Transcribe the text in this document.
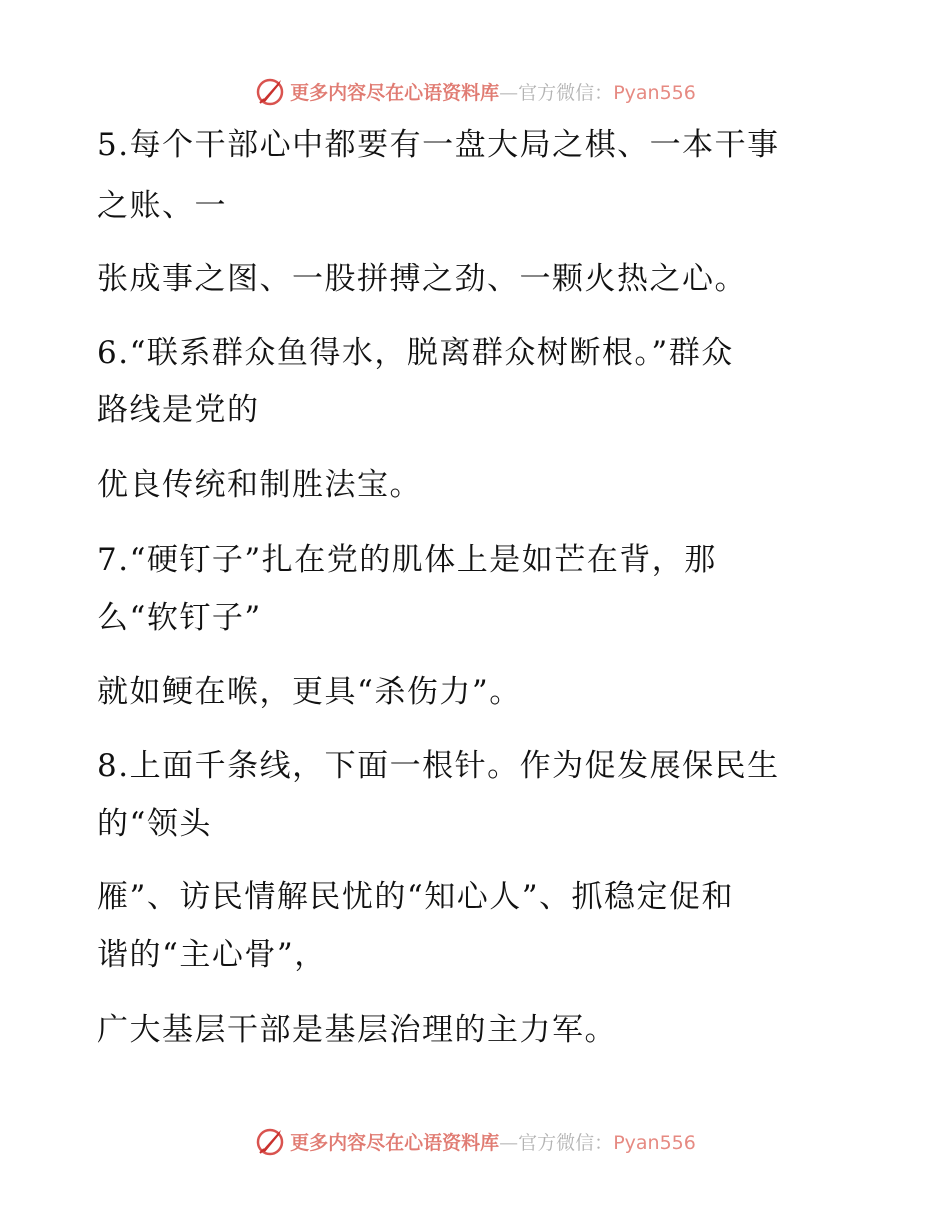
更多内容尽在心语资料库—官方微信：Pyan556
5.每个干部心中都要有一盘大局之棋、一本干事
之账、一
张成事之图、一股拼搏之劲、一颗火热之心。
6.“联系群众鱼得水，脱离群众树断根。”群众
路线是党的
优良传统和制胜法宝。
7.“硬钉子”扎在党的肌体上是如芒在背，那
么“软钉子”
就如鲠在喉，更具“杀伤力”。
8.上面千条线，下面一根针。作为促发展保民生
的“领头
雁”、访民情解民忧的“知心人”、抓稳定促和
谐的“主心骨”，
广大基层干部是基层治理的主力军。
更多内容尽在心语资料库—官方微信：Pyan556
